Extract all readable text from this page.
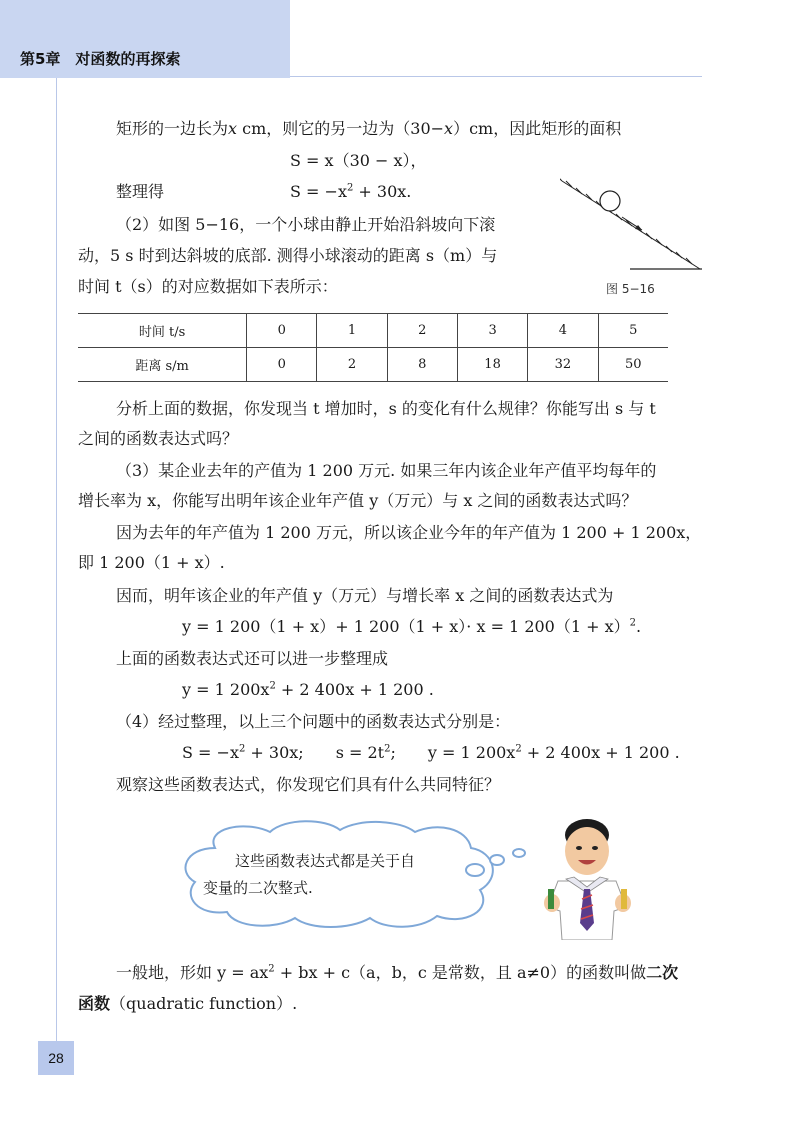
第5章　对函数的再探索
矩形的一边长为x cm，则它的另一边为（30−x）cm，因此矩形的面积
S = x（30 − x），
整理得	$S = -x^2 + 30x$.
（2）如图 5−16，一个小球由静止开始沿斜坡向下滚
动，5 s 时到达斜坡的底部. 测得小球滚动的距离 s（m）与
时间 t（s）的对应数据如下表所示：	图 5−16
时间 t/s	0	1	2	3	4	5
距离 s/m	0	2	8	18	32	50
分析上面的数据，你发现当 t 增加时，s 的变化有什么规律？你能写出 s 与 t
之间的函数表达式吗？
（3）某企业去年的产值为 1 200 万元. 如果三年内该企业年产值平均每年的
增长率为 x，你能写出明年该企业年产值 y（万元）与 x 之间的函数表达式吗？
因为去年的年产值为 1 200 万元，所以该企业今年的年产值为 1 200 + 1 200x，
即 1 200（1 + x）.
因而，明年该企业的年产值 y（万元）与增长率 x 之间的函数表达式为
y = 1 200（1 + x）+ 1 200（1 + x）· x = 1 $200(1 + x)^2$.
上面的函数表达式还可以进一步整理成
y = 1 $200x^2 + 2$ 400x + 1 200 .
（4）经过整理，以上三个问题中的函数表达式分别是：
$S = -x^2 + 30x$;　　$s = 2t^2$;　　y = 1 $200x^2 + 2$ 400x + 1 200 .
观察这些函数表达式，你发现它们具有什么共同特征？
这些函数表达式都是关于自
变量的二次整式.
一般地，形如 $y = ax^2$ + bx + c（a，b，c 是常数，且 a≠0）的函数叫做二次
函数（quadratic function）.
28
